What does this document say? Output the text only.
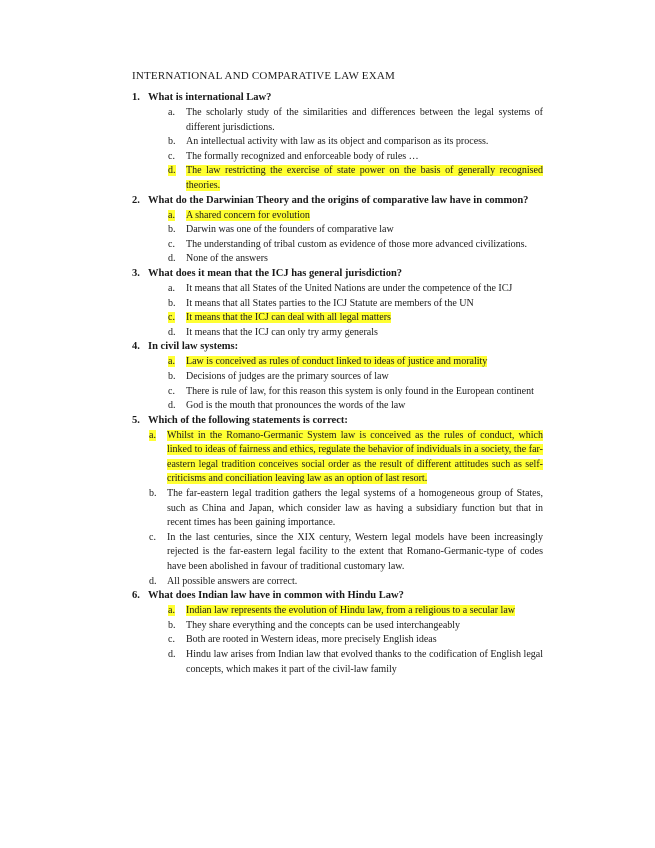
INTERNATIONAL AND COMPARATIVE LAW EXAM
1. What is international Law?
a.	The scholarly study of the similarities and differences between the legal systems of different jurisdictions.
b.	An intellectual activity with law as its object and comparison as its process.
c.	The formally recognized and enforceable body of rules …
d.	The law restricting the exercise of state power on the basis of generally recognised theories.
2. What do the Darwinian Theory and the origins of comparative law have in common?
a.	A shared concern for evolution
b.	Darwin was one of the founders of comparative law
c.	The understanding of tribal custom as evidence of those more advanced civilizations.
d.	None of the answers
3. What does it mean that the ICJ has general jurisdiction?
a.	It means that all States of the United Nations are under the competence of the ICJ
b.	It means that all States parties to the ICJ Statute are members of the UN
c.	It means that the ICJ can deal with all legal matters
d.	It means that the ICJ can only try army generals
4. In civil law systems:
a.	Law is conceived as rules of conduct linked to ideas of justice and morality
b.	Decisions of judges are the primary sources of law
c.	There is rule of law, for this reason this system is only found in the European continent
d.	God is the mouth that pronounces the words of the law
5. Which of the following statements is correct:
a.	Whilst in the Romano-Germanic System law is conceived as the rules of conduct, which linked to ideas of fairness and ethics, regulate the behavior of individuals in a society, the far-eastern legal tradition conceives social order as the result of different attitudes such as self-criticisms and conciliation leaving law as an option of last resort.
b.	The far-eastern legal tradition gathers the legal systems of a homogeneous group of States, such as China and Japan, which consider law as having a subsidiary function but that in recent times has been gaining importance.
c.	In the last centuries, since the XIX century, Western legal models have been increasingly rejected is the far-eastern legal facility to the extent that Romano-Germanic-type of codes have been abolished in favour of traditional customary law.
d.	All possible answers are correct.
6. What does Indian law have in common with Hindu Law?
a.	Indian law represents the evolution of Hindu law, from a religious to a secular law
b.	They share everything and the concepts can be used interchangeably
c.	Both are rooted in Western ideas, more precisely English ideas
d.	Hindu law arises from Indian law that evolved thanks to the codification of English legal concepts, which makes it part of the civil-law family
